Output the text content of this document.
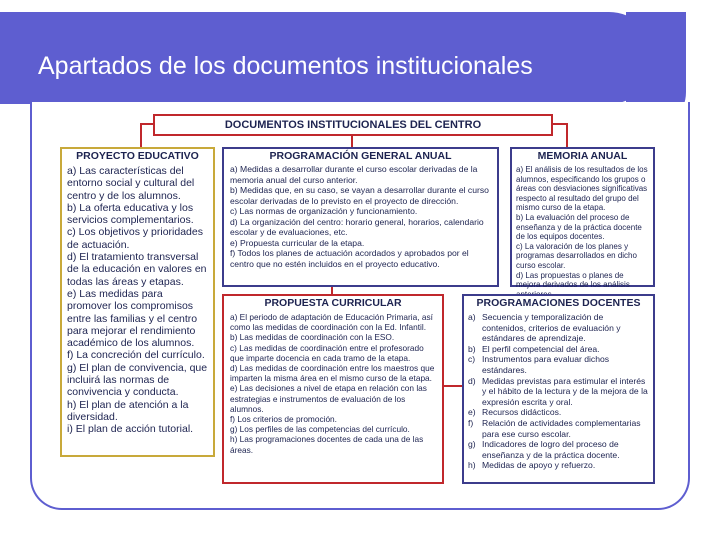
Apartados de los documentos institucionales
DOCUMENTOS INSTITUCIONALES DEL CENTRO
PROYECTO EDUCATIVO
a) Las características del entorno social y cultural del centro y de los alumnos.
b) La oferta educativa y los servicios complementarios.
c) Los objetivos y prioridades de actuación.
d) El tratamiento transversal de la educación en valores en todas las áreas y etapas.
e) Las medidas para promover los compromisos entre las familias y el centro para mejorar el rendimiento académico de los alumnos.
f) La concreción del currículo.
g) El plan de convivencia, que incluirá las normas de convivencia y conducta.
h) El plan de atención a la diversidad.
i) El plan de acción tutorial.
PROGRAMACIÓN GENERAL ANUAL
a) Medidas a desarrollar durante el curso escolar derivadas de la memoria anual del curso anterior.
b) Medidas que, en su caso, se vayan a desarrollar durante el curso escolar derivadas de lo previsto en el proyecto de dirección.
c) Las normas de organización y funcionamiento.
d) La organización del centro: horario general, horarios, calendario escolar y de evaluaciones, etc.
e) Propuesta curricular de la etapa.
f) Todos los planes de actuación acordados y aprobados por el centro que no estén incluidos en el proyecto educativo.
MEMORIA ANUAL
a) El análisis de los resultados de los alumnos, especificando los grupos o áreas con desviaciones significativas respecto al resultado del grupo del mismo curso de la etapa.
b) La evaluación del proceso de enseñanza y de la práctica docente de los equipos docentes.
c) La valoración de los planes y programas desarrollados en dicho curso escolar.
d) Las propuestas o planes de mejora derivados de los análisis
PROPUESTA CURRICULAR
a) El periodo de adaptación de Educación Primaria, así como las medidas de coordinación con la Ed. Infantil.
b) Las medidas de coordinación con la ESO.
c) Las medidas de coordinación entre el profesorado que imparte docencia en cada tramo de la etapa.
d) Las medidas de coordinación entre los maestros que imparten la misma área en el mismo curso de la etapa.
e) Las decisiones a nivel de etapa en relación con las estrategias e instrumentos de evaluación de los alumnos.
f) Los criterios de promoción.
g) Los perfiles de las competencias del currículo.
h) Las programaciones docentes de cada una de las áreas.
PROGRAMACIONES DOCENTES
a) Secuencia y temporalización de contenidos, criterios de evaluación y estándares de aprendizaje.
b) El perfil competencial del área.
c) Instrumentos para evaluar dichos estándares.
d) Medidas previstas para estimular el interés y el hábito de la lectura y de la mejora de la expresión escrita y oral.
e) Recursos didácticos.
f)	Relación de actividades complementarias para ese curso escolar.
g) Indicadores de logro del proceso de enseñanza y de la práctica docente.
h) Medidas de apoyo y refuerzo.
